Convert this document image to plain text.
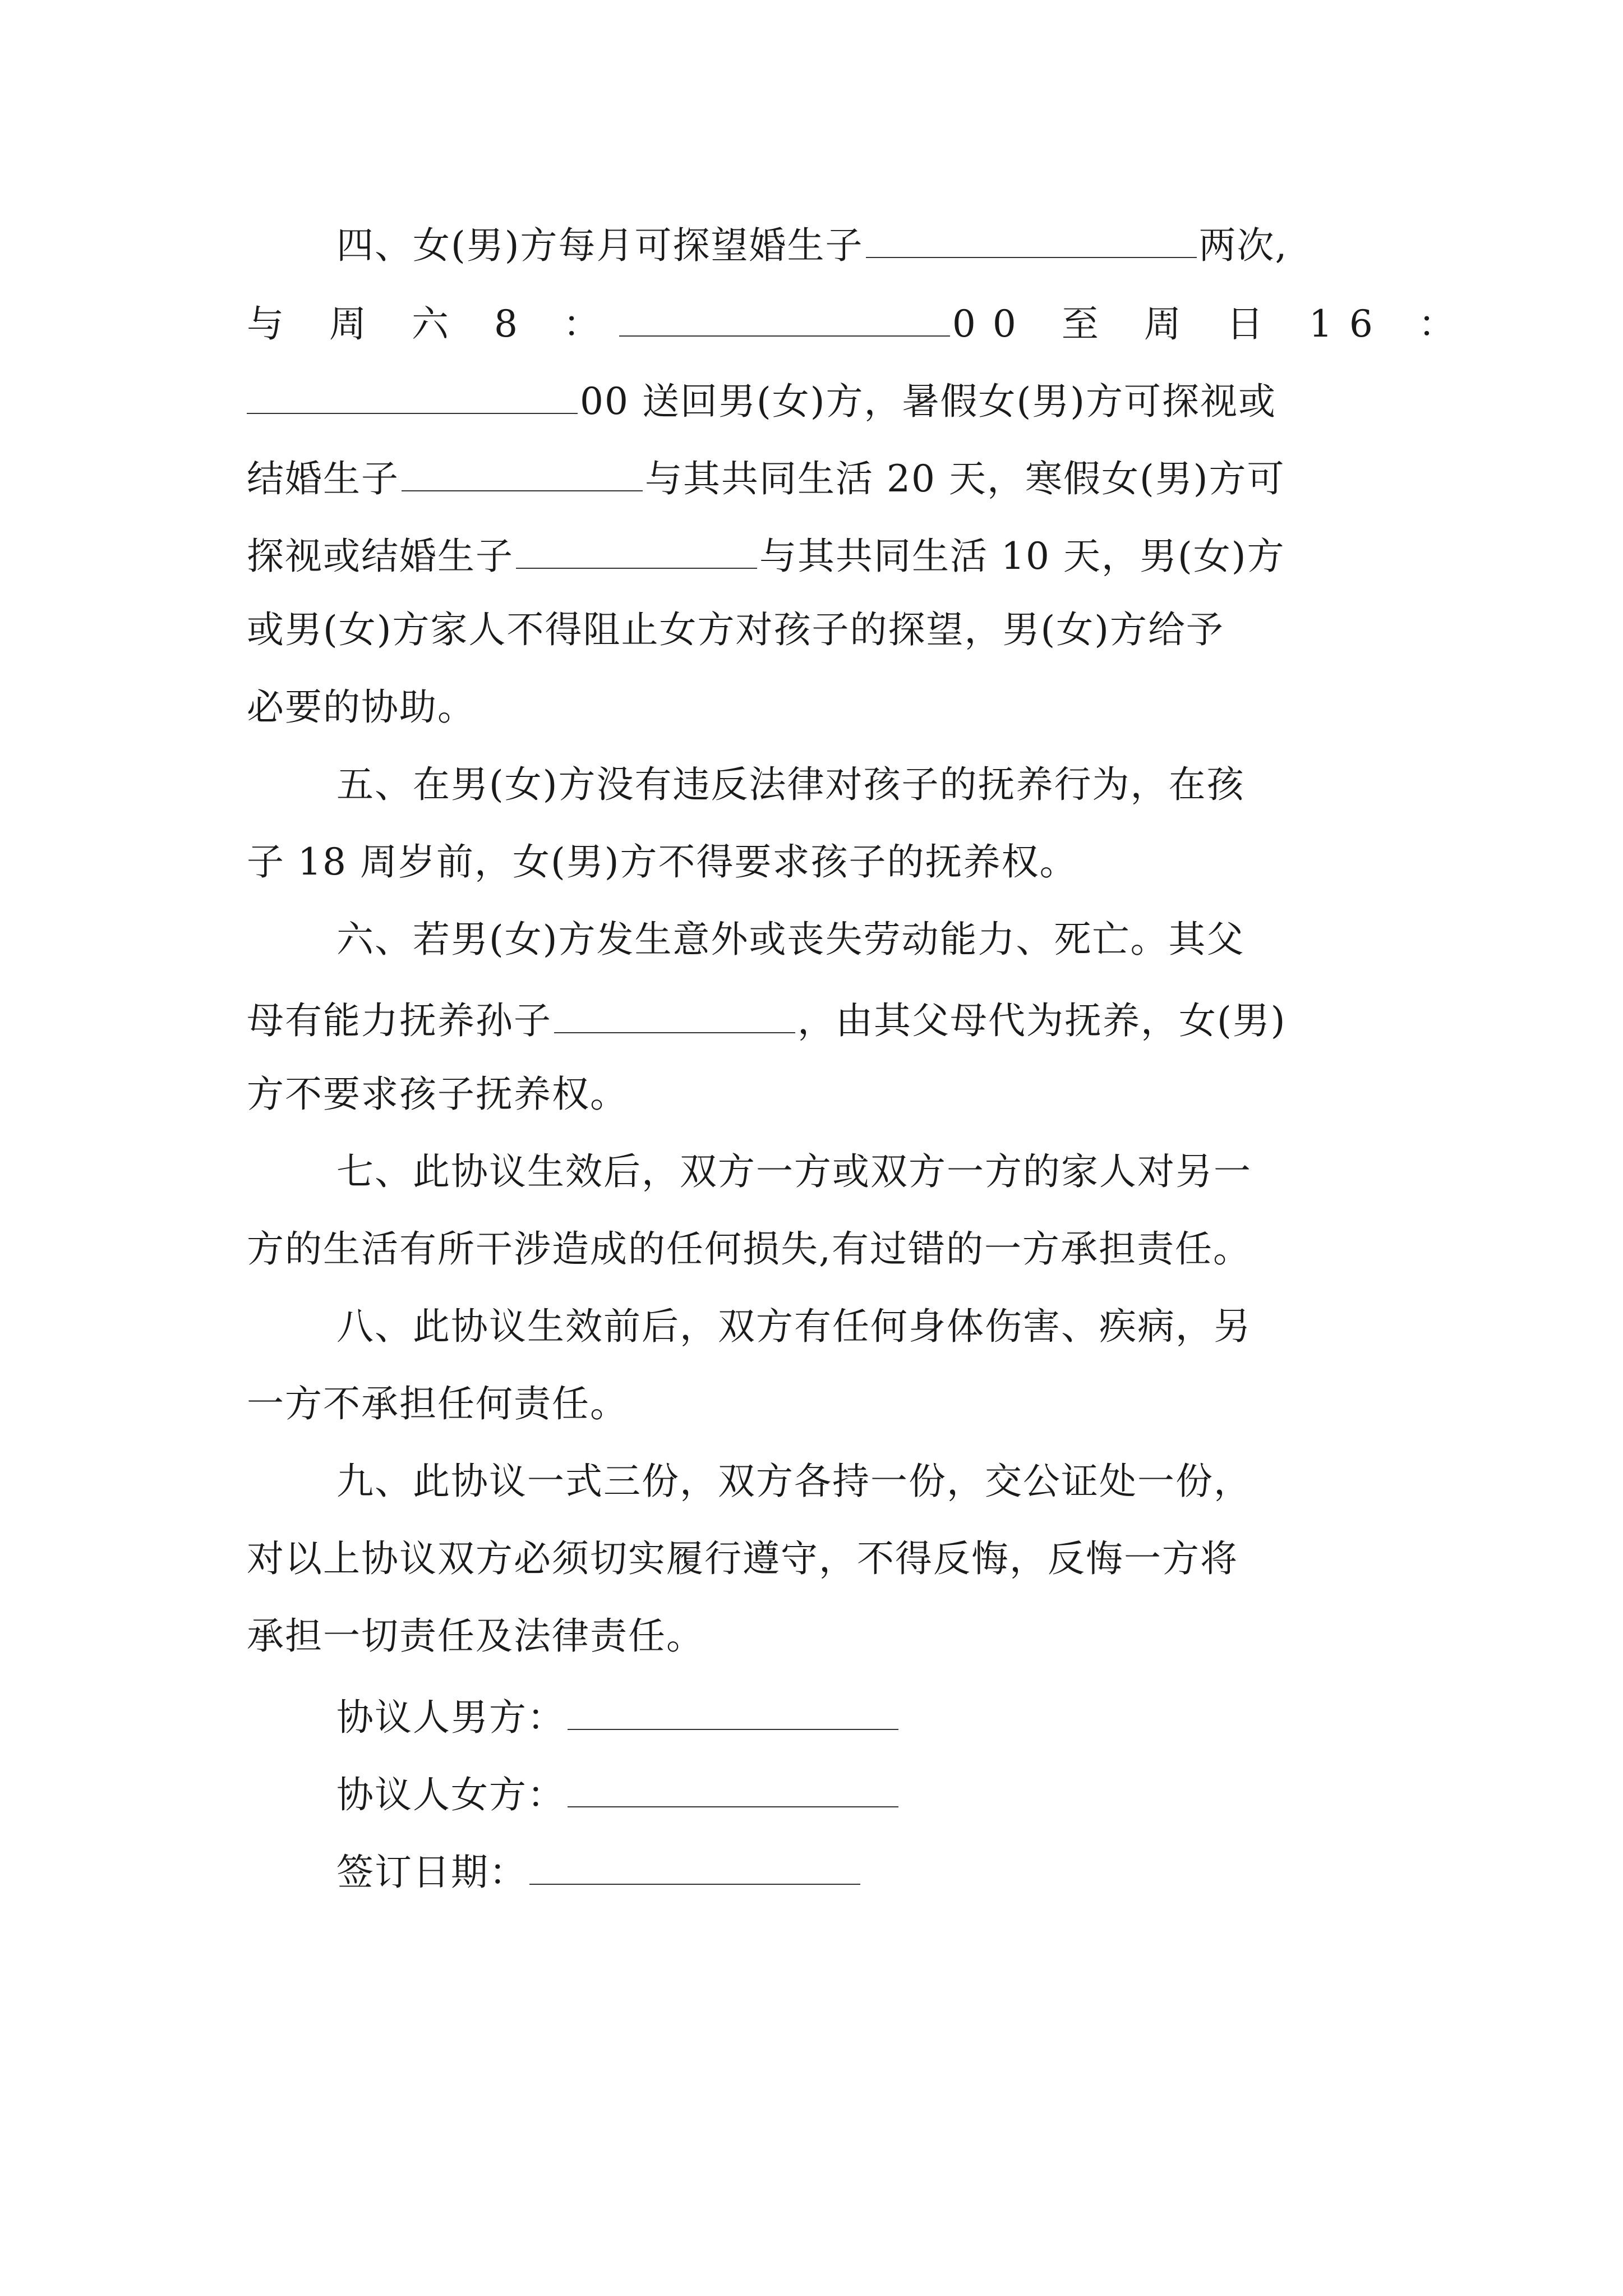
四、女(男)方每月可探望婚生子	两次,
与 周 六 8 ：	00 至 周 日 16 ：
00 送回男(女)方，暑假女(男)方可探视或
结婚生子	与其共同生活 20 天，寒假女(男)方可
探视或结婚生子	与其共同生活 10 天，男(女)方
或男(女)方家人不得阻止女方对孩子的探望，男(女)方给予
必要的协助。
五、在男(女)方没有违反法律对孩子的抚养行为，在孩
子 18 周岁前，女(男)方不得要求孩子的抚养权。
六、若男(女)方发生意外或丧失劳动能力、死亡。其父
母有能力抚养孙子	，由其父母代为抚养，女(男)
方不要求孩子抚养权。
七、此协议生效后，双方一方或双方一方的家人对另一
方的生活有所干涉造成的任何损失,有过错的一方承担责任。
八、此协议生效前后，双方有任何身体伤害、疾病，另
一方不承担任何责任。
九、此协议一式三份，双方各持一份，交公证处一份，
对以上协议双方必须切实履行遵守，不得反悔，反悔一方将
承担一切责任及法律责任。
协议人男方：
协议人女方：
签订日期：
